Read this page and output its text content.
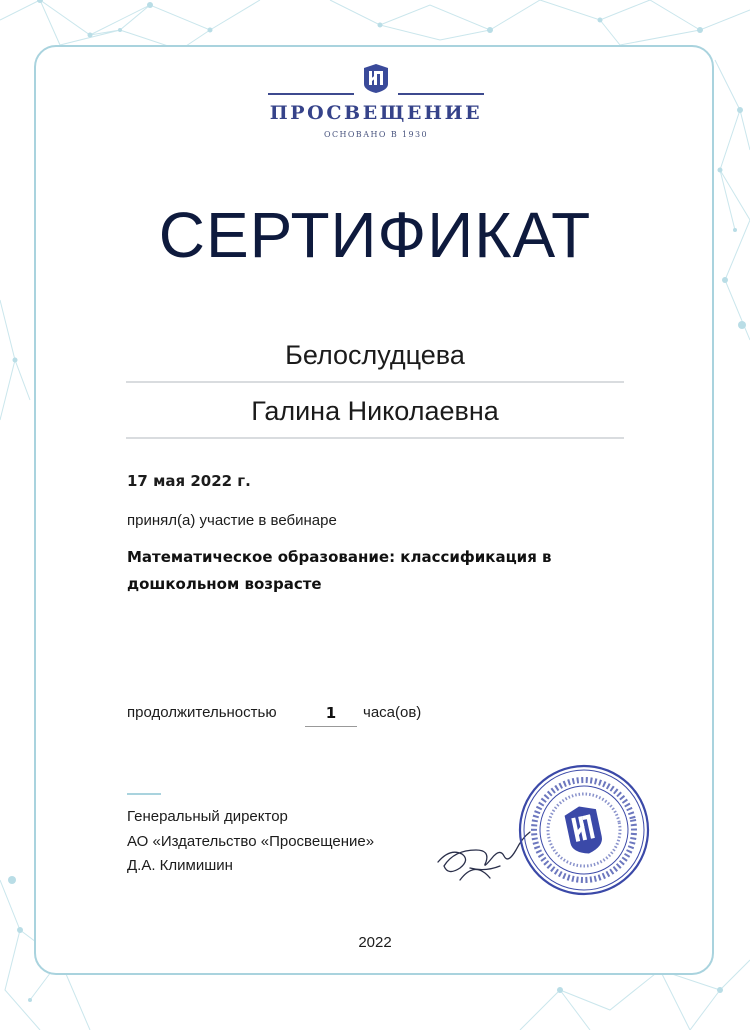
ПРОСВЕЩЕНИЕ
ОСНОВАНО В 1930
СЕРТИФИКАТ
Белослудцева
Галина Николаевна
17 мая 2022 г.
принял(а) участие в вебинаре
Математическое образование: классификация в дошкольном возрасте
продолжительностью	1	часа(ов)
Генеральный директор
АО «Издательство «Просвещение»
Д.А. Климишин
2022
